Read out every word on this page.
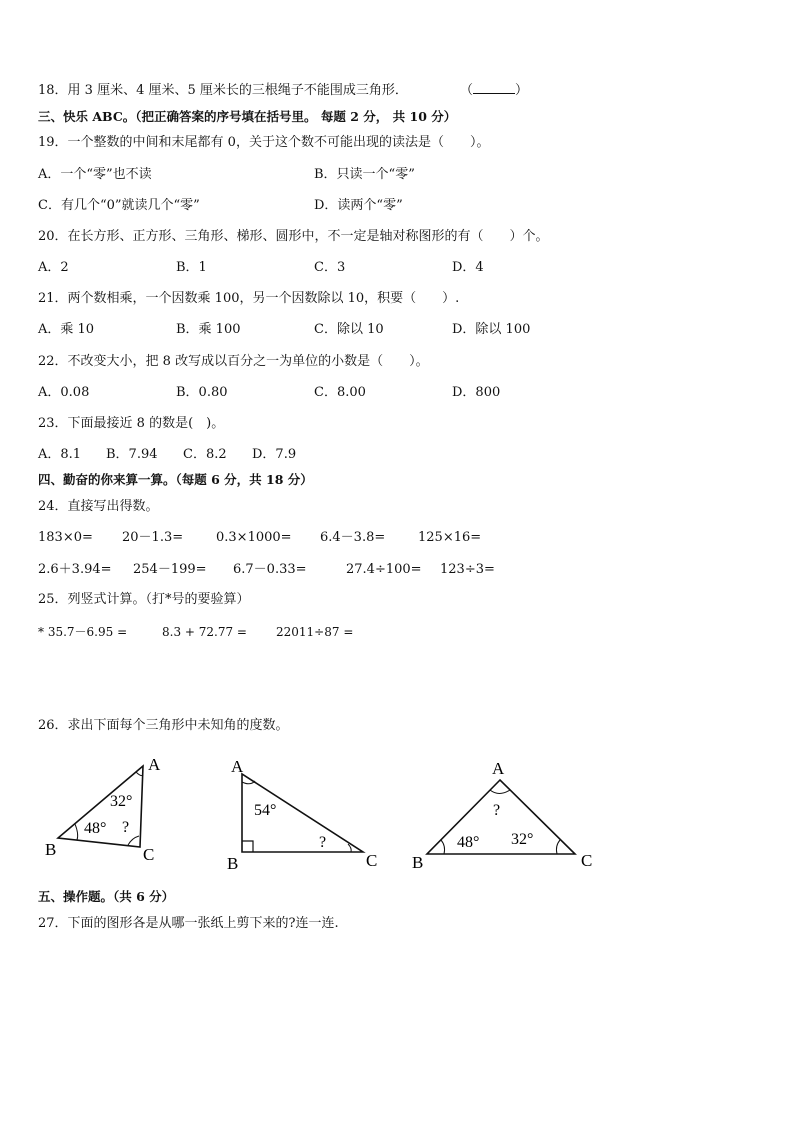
18．用 3 厘米、4 厘米、5 厘米长的三根绳子不能围成三角形．	（	）
三、快乐 ABC。（把正确答案的序号填在括号里。 每题 2 分， 共 10 分）
19．一个整数的中间和末尾都有 0，关于这个数不可能出现的读法是（　　）。
A．一个“零”也不读	B．只读一个“零”
C．有几个“0”就读几个“零”	D．读两个“零”
20．在长方形、正方形、三角形、梯形、圆形中，不一定是轴对称图形的有（　　）个。
A．2	B．1	C．3	D．4
21．两个数相乘，一个因数乘 100，另一个因数除以 10，积要（　　）.
A．乘 10	B．乘 100	C．除以 10	D．除以 100
22．不改变大小，把 8 改写成以百分之一为单位的小数是（　　）。
A．0.08	B．0.80	C．8.00	D．800
23．下面最接近 8 的数是(　)。
A．8.1 B．7.94 C．8.2 D．7.9
四、勤奋的你来算一算。（每题 6 分，共 18 分）
24．直接写出得数。
183×0= 20－1.3=	0.3×1000= 6.4－3.8=	125×16=
2.6＋3.94= 254－199= 6.7－0.33=	27.4÷100= 123÷3=
25．列竖式计算。（打*号的要验算）
* 35.7－6.95 =	8.3 + 72.77 = 22011÷87 =
26．求出下面每个三角形中未知角的度数。
A
B	C
32°
48° ?
A
B	C
54°
?
A
B	C
?
48° 32°
五、操作题。（共 6 分）
27．下面的图形各是从哪一张纸上剪下来的?连一连.
